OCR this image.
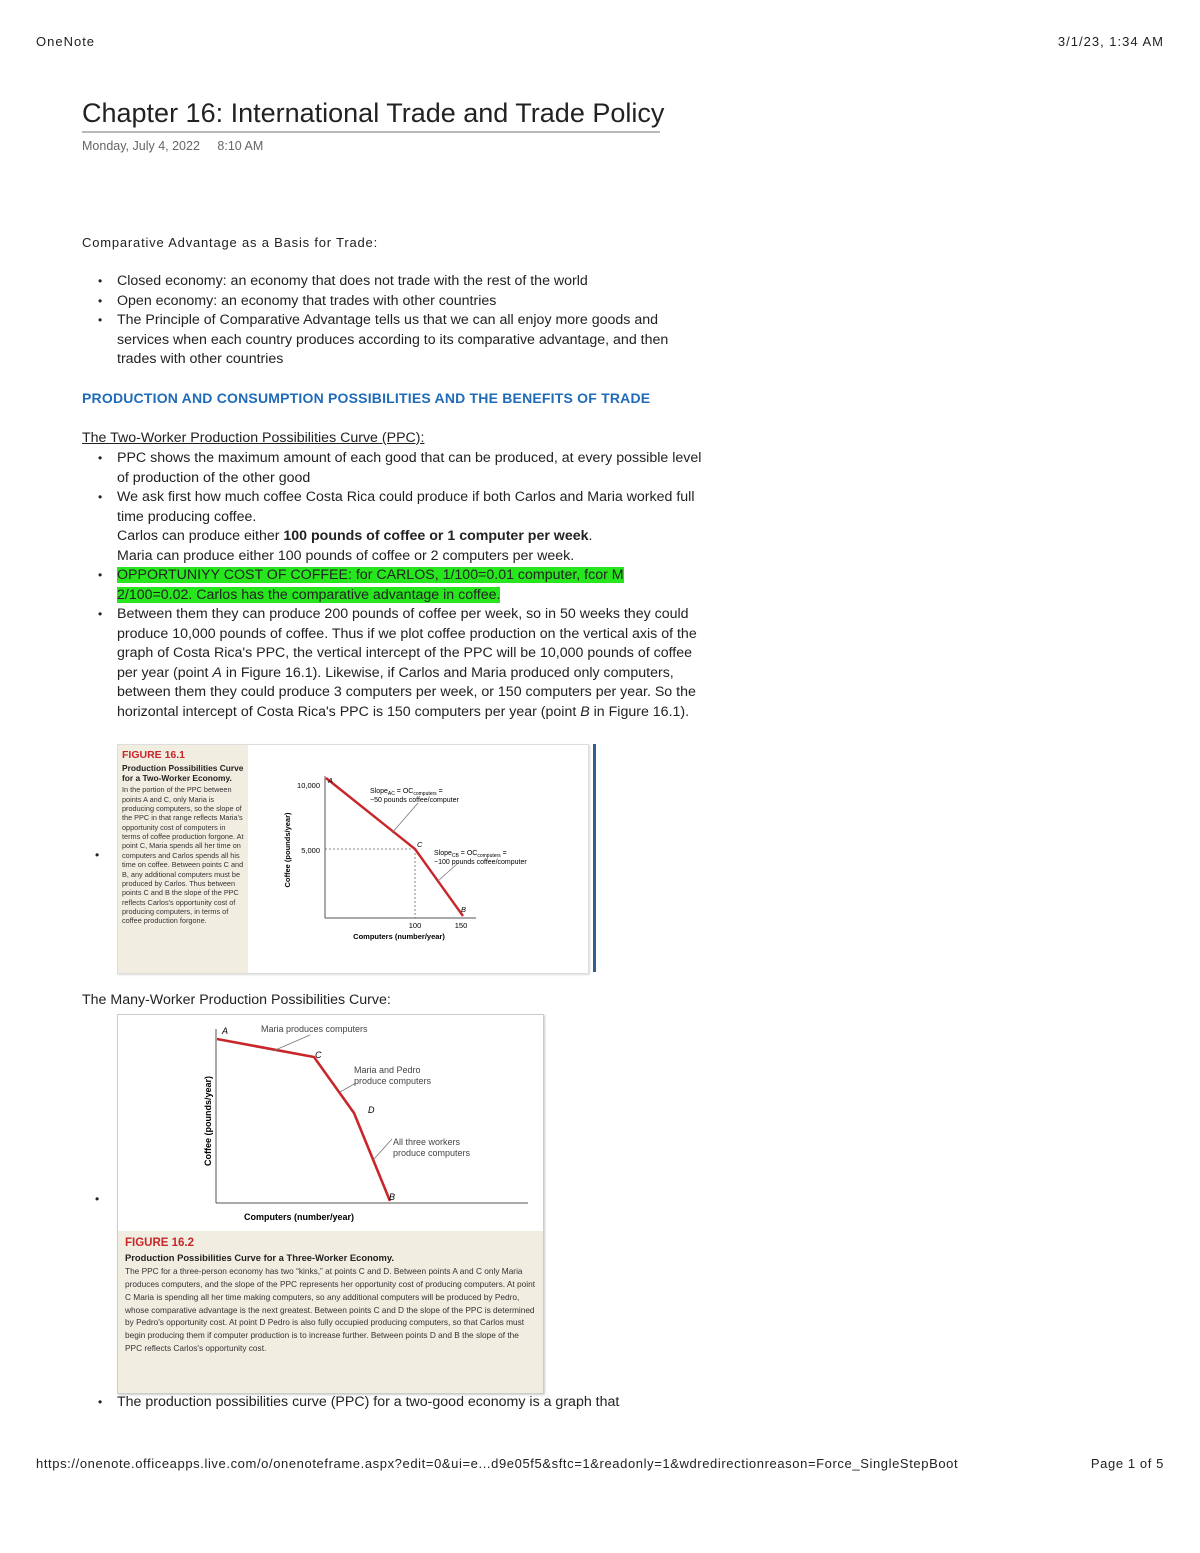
OneNote	3/1/23, 1:34 AM
Chapter 16: International Trade and Trade Policy
Monday, July 4, 2022 8:10 AM
Comparative Advantage as a Basis for Trade:
• Closed economy: an economy that does not trade with the rest of the world
• Open economy: an economy that trades with other countries
• The Principle of Comparative Advantage tells us that we can all enjoy more goods and services when each country produces according to its comparative advantage, and then trades with other countries
PRODUCTION AND CONSUMPTION POSSIBILITIES AND THE BENEFITS OF TRADE
The Two-Worker Production Possibilities Curve (PPC):
• PPC shows the maximum amount of each good that can be produced, at every possible level of production of the other good
• We ask first how much coffee Costa Rica could produce if both Carlos and Maria worked full time producing coffee.
Carlos can produce either 100 pounds of coffee or 1 computer per week.
Maria can produce either 100 pounds of coffee or 2 computers per week.
• OPPORTUNIYY COST OF COFFEE: for CARLOS, 1/100=0.01 computer, fcor M 2/100=0.02. Carlos has the comparative advantage in coffee.
• Between them they can produce 200 pounds of coffee per week, so in 50 weeks they could produce 10,000 pounds of coffee. Thus if we plot coffee production on the vertical axis of the graph of Costa Rica's PPC, the vertical intercept of the PPC will be 10,000 pounds of coffee per year (point A in Figure 16.1). Likewise, if Carlos and Maria produced only computers, between them they could produce 3 computers per week, or 150 computers per year. So the horizontal intercept of Costa Rica's PPC is 150 computers per year (point B in Figure 16.1).
•
FIGURE 16.1
Production Possibilities Curve for a Two-Worker Economy.
In the portion of the PPC between points A and C, only Maria is producing computers, so the slope of the PPC in that range reflects Maria's opportunity cost of computers in terms of coffee production forgone. At point C, Maria spends all her time on computers and Carlos spends all his time on coffee. Between points C and B, any additional computers must be produced by Carlos. Thus between points C and B the slope of the PPC reflects Carlos's opportunity cost of producing computers, in terms of coffee production forgone.
10,000
5,000
100	150
Computers (number/year)
Coffee (pounds/year)
A
C
B
Slope$_{AC}$ = $OC_{computers}$ =
−50 pounds coffee/computer
Slope$_{CB}$ = $OC_{computers}$ =
−100 pounds coffee/computer
The Many-Worker Production Possibilities Curve:
•
A
C
D
B
Maria produces computers
Maria and Pedro
produce computers
All three workers
produce computers
Computers (number/year)
Coffee (pounds/year)
FIGURE 16.2
Production Possibilities Curve for a Three-Worker Economy.
The PPC for a three-person economy has two “kinks,” at points C and D. Between points A and C only Maria produces computers, and the slope of the PPC represents her opportunity cost of producing computers. At point C Maria is spending all her time making computers, so any additional computers will be produced by Pedro, whose comparative advantage is the next greatest. Between points C and D the slope of the PPC is determined by Pedro's opportunity cost. At point D Pedro is also fully occupied producing computers, so that Carlos must begin producing them if computer production is to increase further. Between points D and B the slope of the PPC reflects Carlos's opportunity cost.
• The production possibilities curve (PPC) for a two-good economy is a graph that
https://onenote.officeapps.live.com/o/onenoteframe.aspx?edit=0&ui=e...d9e05f5&sftc=1&readonly=1&wdredirectionreason=Force_SingleStepBoot	Page 1 of 5
